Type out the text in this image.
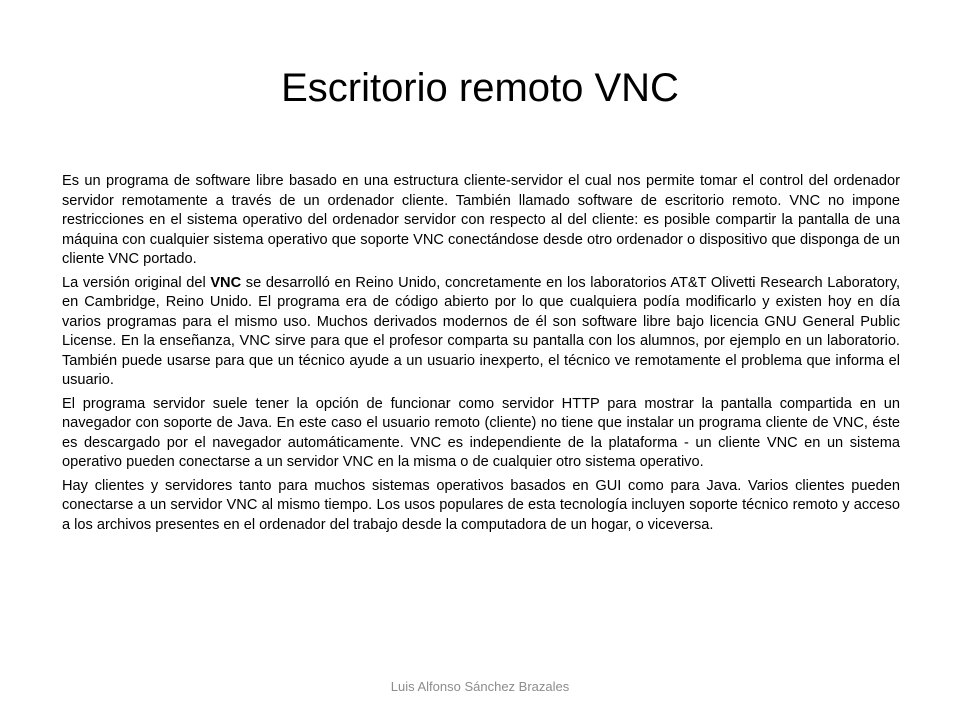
Escritorio remoto VNC

Es un programa de software libre basado en una estructura cliente-servidor el cual nos permite tomar el control del ordenador servidor remotamente a través de un ordenador cliente. También llamado software de escritorio remoto. VNC no impone restricciones en el sistema operativo del ordenador servidor con respecto al del cliente: es posible compartir la pantalla de una máquina con cualquier sistema operativo que soporte VNC conectándose desde otro ordenador o dispositivo que disponga de un cliente VNC portado.

La versión original del VNC se desarrolló en Reino Unido, concretamente en los laboratorios AT&T Olivetti Research Laboratory, en Cambridge, Reino Unido. El programa era de código abierto por lo que cualquiera podía modificarlo y existen hoy en día varios programas para el mismo uso. Muchos derivados modernos de él son software libre bajo licencia GNU General Public License. En la enseñanza, VNC sirve para que el profesor comparta su pantalla con los alumnos, por ejemplo en un laboratorio. También puede usarse para que un técnico ayude a un usuario inexperto, el técnico ve remotamente el problema que informa el usuario.

El programa servidor suele tener la opción de funcionar como servidor HTTP para mostrar la pantalla compartida en un navegador con soporte de Java. En este caso el usuario remoto (cliente) no tiene que instalar un programa cliente de VNC, éste es descargado por el navegador automáticamente. VNC es independiente de la plataforma - un cliente VNC en un sistema operativo pueden conectarse a un servidor VNC en la misma o de cualquier otro sistema operativo.

Hay clientes y servidores tanto para muchos sistemas operativos basados en GUI como para Java. Varios clientes pueden conectarse a un servidor VNC al mismo tiempo. Los usos populares de esta tecnología incluyen soporte técnico remoto y acceso a los archivos presentes en el ordenador del trabajo desde la computadora de un hogar, o viceversa.

Luis Alfonso Sánchez Brazales
